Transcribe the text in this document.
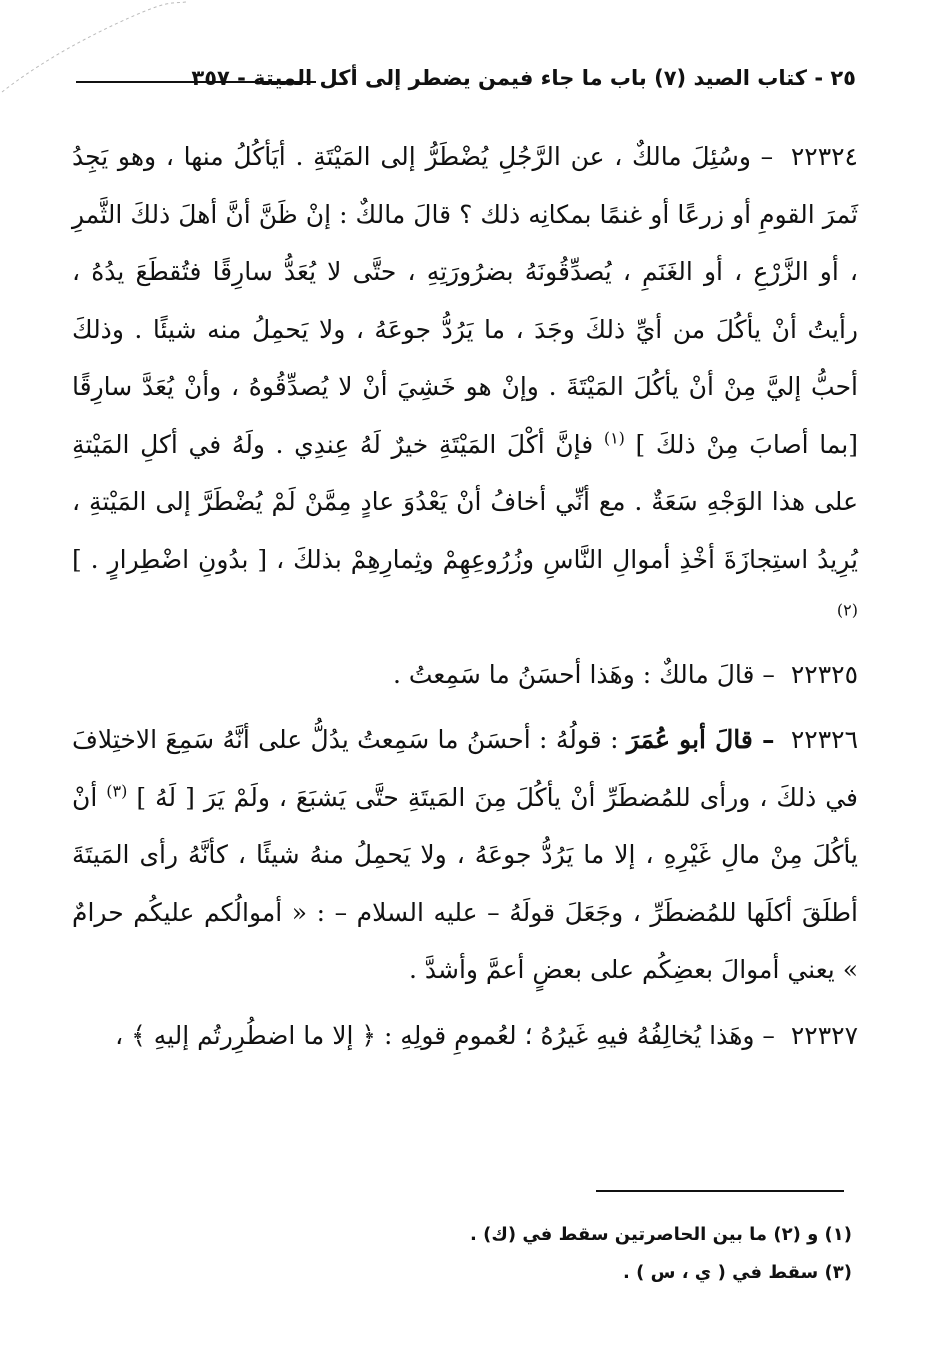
٢٥ - كتاب الصيد (٧) باب ما جاء فيمن يضطر إلى أكل الميتة - ٣٥٧

٢٢٣٢٤ – وسُئِلَ مالكٌ ، عن الرَّجُلِ يُضْطَرُّ إلى المَيْتَةِ . أيَأكُلُ منها ، وهو يَجِدُ ثَمرَ القومِ أو زرعًا أو غنمًا بمكانِه ذلك ؟ قالَ مالكٌ : إنْ ظَنَّ أنَّ أهلَ ذلكَ الثَّمرِ ، أو الزَّرْعِ ، أو الغَنَمِ ، يُصدِّقُونَهُ بضرُورَتِهِ ، حتَّى لا يُعَدُّ سارِقًا فتُقطَعَ يدُهُ ، رأيتُ أنْ يأكُلَ من أيِّ ذلكَ وجَدَ ، ما يَرُدُّ جوعَهُ ، ولا يَحمِلُ منه شيئًا . وذلكَ أحبُّ إليَّ مِنْ أنْ يأكُلَ المَيْتَةَ . وإنْ هو خَشِيَ أنْ لا يُصدِّقُوهُ ، وأنْ يُعَدَّ سارِقًا [بما أصابَ مِنْ ذلكَ ] $^{(١)}$ فإنَّ أكْلَ المَيْتَةِ خيرٌ لَهُ عِندِي . ولَهُ في أكلِ المَيْتةِ على هذا الوَجْهِ سَعَةٌ . مع أنِّي أخافُ أنْ يَعْدُوَ عادٍ مِمَّنْ لَمْ يُضْطَرَّ إلى المَيْتةِ ، يُرِيدُ استِجازَةَ أخْذِ أموالِ النَّاسِ وزُرُوعِهِمْ وثِمارِهِمْ بذلكَ ، [ بدُونِ اضْطِرارٍ . ] $^{(٢)}$

٢٢٣٢٥ – قالَ مالكٌ : وهَذا أحسَنُ ما سَمِعتُ .

٢٢٣٢٦ – قالَ أبو عُمَرَ : قولُهُ : أحسَنُ ما سَمِعتُ يدُلُّ على أنَّهُ سَمِعَ الاختِلافَ في ذلكَ ، ورأى للمُضطَرِّ أنْ يأكُلَ مِنَ المَيتَةِ حتَّى يَشبَعَ ، ولَمْ يَرَ [ لَهُ ] $^{(٣)}$ أنْ يأكُلَ مِنْ مالِ غَيْرِهِ ، إلا ما يَرُدُّ جوعَهُ ، ولا يَحمِلُ منهُ شيئًا ، كأنَّهُ رأى المَيتَةَ أطلَقَ أكلَها للمُضطَرِّ ، وجَعَلَ قولَهُ – عليه السلام – : « أموالُكم عليكُم حرامٌ » يعني أموالَ بعضِكُم على بعضٍ أعمَّ وأشدَّ .

٢٢٣٢٧ – وهَذا يُخالِفُهُ فيهِ غَيرُهُ ؛ لعُمومِ قولِهِ : ﴿ إلا ما اضطُرِرتُم إليهِ ﴾ ،

(١) و (٢) ما بين الحاصرتين سقط في (ك) .

(٣) سقط في ( ي ، س ) .
